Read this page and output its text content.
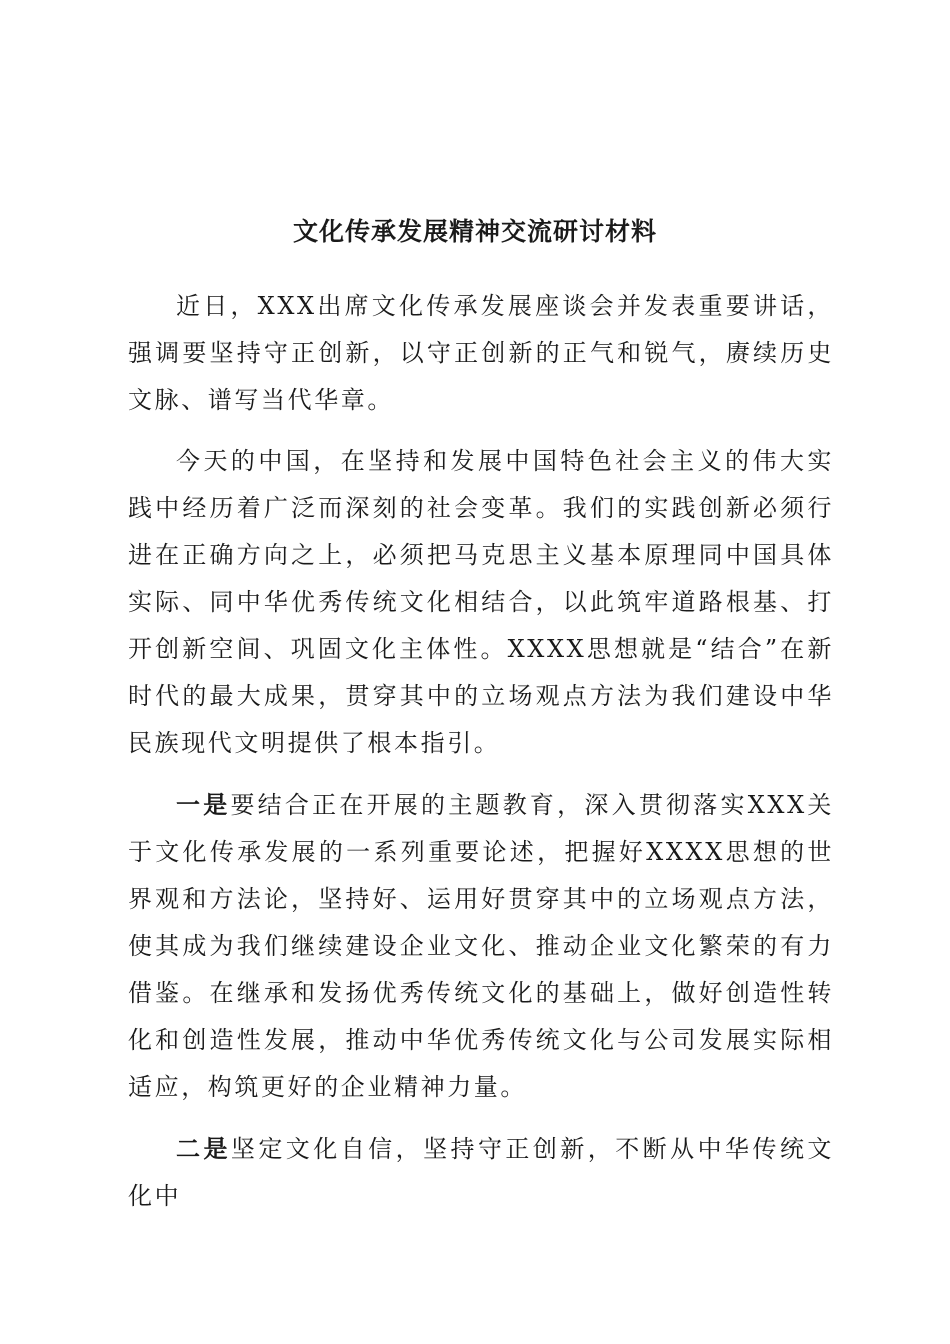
文化传承发展精神交流研讨材料

近日，XXX出席文化传承发展座谈会并发表重要讲话，强调要坚持守正创新，以守正创新的正气和锐气，赓续历史文脉、谱写当代华章。

今天的中国，在坚持和发展中国特色社会主义的伟大实践中经历着广泛而深刻的社会变革。我们的实践创新必须行进在正确方向之上，必须把马克思主义基本原理同中国具体实际、同中华优秀传统文化相结合，以此筑牢道路根基、打开创新空间、巩固文化主体性。XXXX思想就是“结合”在新时代的最大成果，贯穿其中的立场观点方法为我们建设中华民族现代文明提供了根本指引。

一是要结合正在开展的主题教育，深入贯彻落实XXX关于文化传承发展的一系列重要论述，把握好XXXX思想的世界观和方法论，坚持好、运用好贯穿其中的立场观点方法，使其成为我们继续建设企业文化、推动企业文化繁荣的有力借鉴。在继承和发扬优秀传统文化的基础上，做好创造性转化和创造性发展，推动中华优秀传统文化与公司发展实际相适应，构筑更好的企业精神力量。

二是坚定文化自信，坚持守正创新，不断从中华传统文化中
